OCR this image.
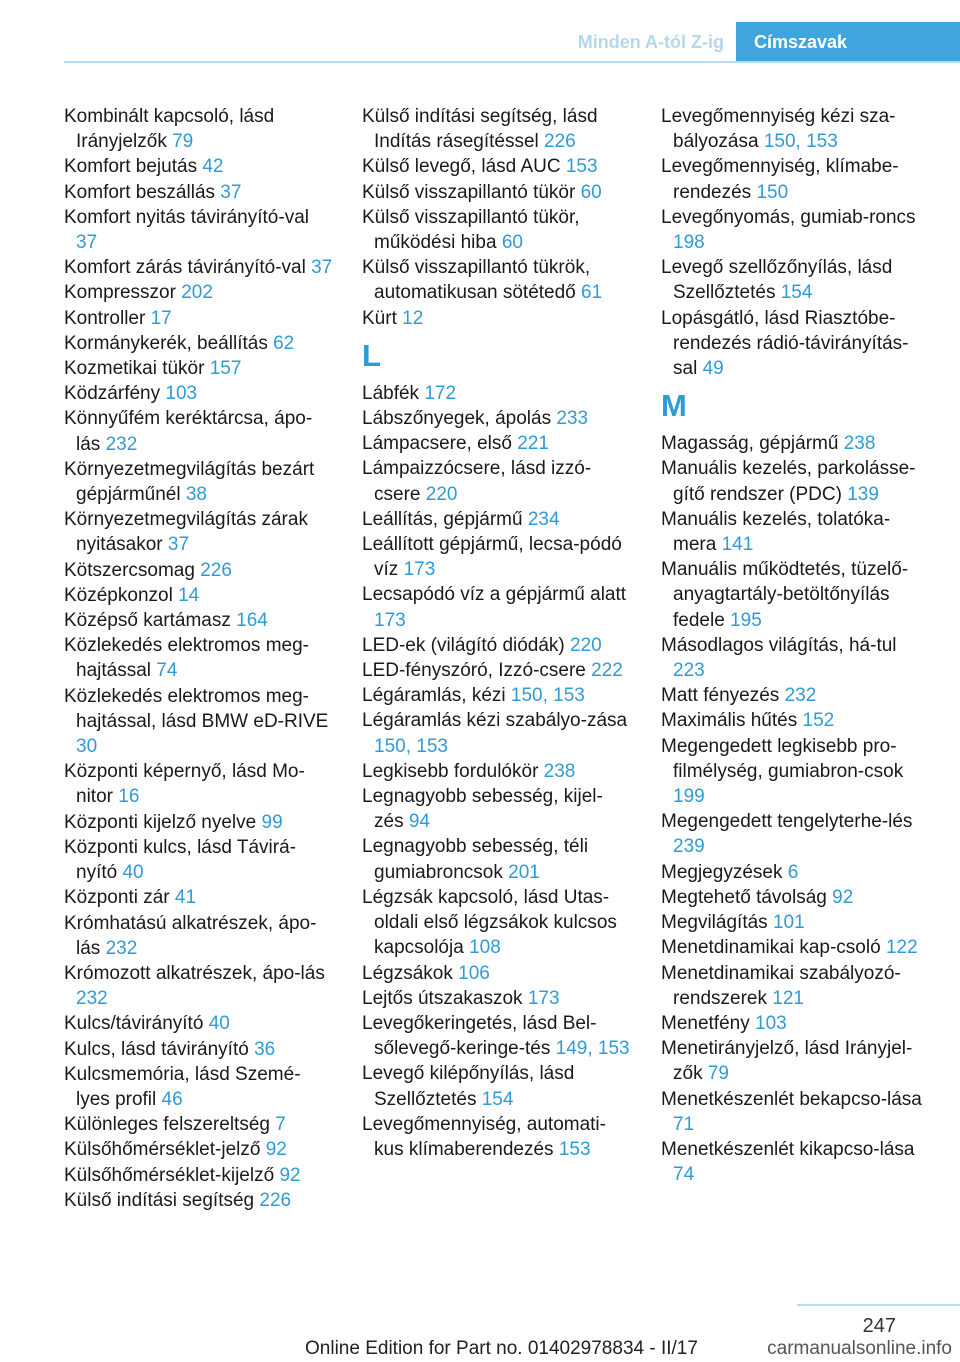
Minden A-tól Z-ig	Címszavak
Kombinált kapcsoló, lásd Irányjelzők 79
Komfort bejutás 42
Komfort beszállás 37
Komfort nyitás távirányító-val 37
Komfort zárás távirányító-val 37
Kompresszor 202
Kontroller 17
Kormánykerék, beállítás 62
Kozmetikai tükör 157
Ködzárfény 103
Könnyűfém keréktárcsa, ápo-lás 232
Környezetmegvilágítás bezárt gépjárműnél 38
Környezetmegvilágítás zárak nyitásakor 37
Kötszercsomag 226
Középkonzol 14
Középső kartámasz 164
Közlekedés elektromos meg-hajtással 74
Közlekedés elektromos meg-hajtással, lásd BMW eD-RIVE 30
Központi képernyő, lásd Mo-nitor 16
Központi kijelző nyelve 99
Központi kulcs, lásd Távirá-nyító 40
Központi zár 41
Krómhatású alkatrészek, ápo-lás 232
Krómozott alkatrészek, ápo-lás 232
Kulcs/távirányító 40
Kulcs, lásd távirányító 36
Kulcsmemória, lásd Szemé-lyes profil 46
Különleges felszereltség 7
Külsőhőmérséklet-jelző 92
Külsőhőmérséklet-kijelző 92
Külső indítási segítség 226
Külső indítási segítség, lásd Indítás rásegítéssel 226
Külső levegő, lásd AUC 153
Külső visszapillantó tükör 60
Külső visszapillantó tükör, működési hiba 60
Külső visszapillantó tükrök, automatikusan sötétedő 61
Kürt 12
L
Lábfék 172
Lábszőnyegek, ápolás 233
Lámpacsere, első 221
Lámpaizzócsere, lásd izzó-csere 220
Leállítás, gépjármű 234
Leállított gépjármű, lecsa-pódó víz 173
Lecsapódó víz a gépjármű alatt 173
LED-ek (világító diódák) 220
LED-fényszóró, Izzó-csere 222
Légáramlás, kézi 150, 153
Légáramlás kézi szabályo-zása 150, 153
Legkisebb fordulókör 238
Legnagyobb sebesség, kijel-zés 94
Legnagyobb sebesség, téli gumiabroncsok 201
Légzsák kapcsoló, lásd Utas-oldali első légzsákok kulcsos kapcsolója 108
Légzsákok 106
Lejtős útszakaszok 173
Levegőkeringetés, lásd Bel-sőlevegő-keringe-tés 149, 153
Levegő kilépőnyílás, lásd Szellőztetés 154
Levegőmennyiség, automati-kus klímaberendezés 153
Levegőmennyiség kézi sza-bályozása 150, 153
Levegőmennyiség, klímabe-rendezés 150
Levegőnyomás, gumiab-roncs 198
Levegő szellőzőnyílás, lásd Szellőztetés 154
Lopásgátló, lásd Riasztóbe-rendezés rádió-távirányítás-sal 49
M
Magasság, gépjármű 238
Manuális kezelés, parkolásse-gítő rendszer (PDC) 139
Manuális kezelés, tolatóka-mera 141
Manuális működtetés, tüzelő-anyagtartály-betöltőnyílás fedele 195
Másodlagos világítás, há-tul 223
Matt fényezés 232
Maximális hűtés 152
Megengedett legkisebb pro-filmélység, gumiabron-csok 199
Megengedett tengelyterhe-lés 239
Megjegyzések 6
Megtehető távolság 92
Megvilágítás 101
Menetdinamikai kap-csoló 122
Menetdinamikai szabályozó-rendszerek 121
Menetfény 103
Menetirányjelző, lásd Irányjel-zők 79
Menetkészenlét bekapcso-lása 71
Menetkészenlét kikapcso-lása 74
247
Online Edition for Part no. 01402978834 - II/17	carmanualsonline.info
